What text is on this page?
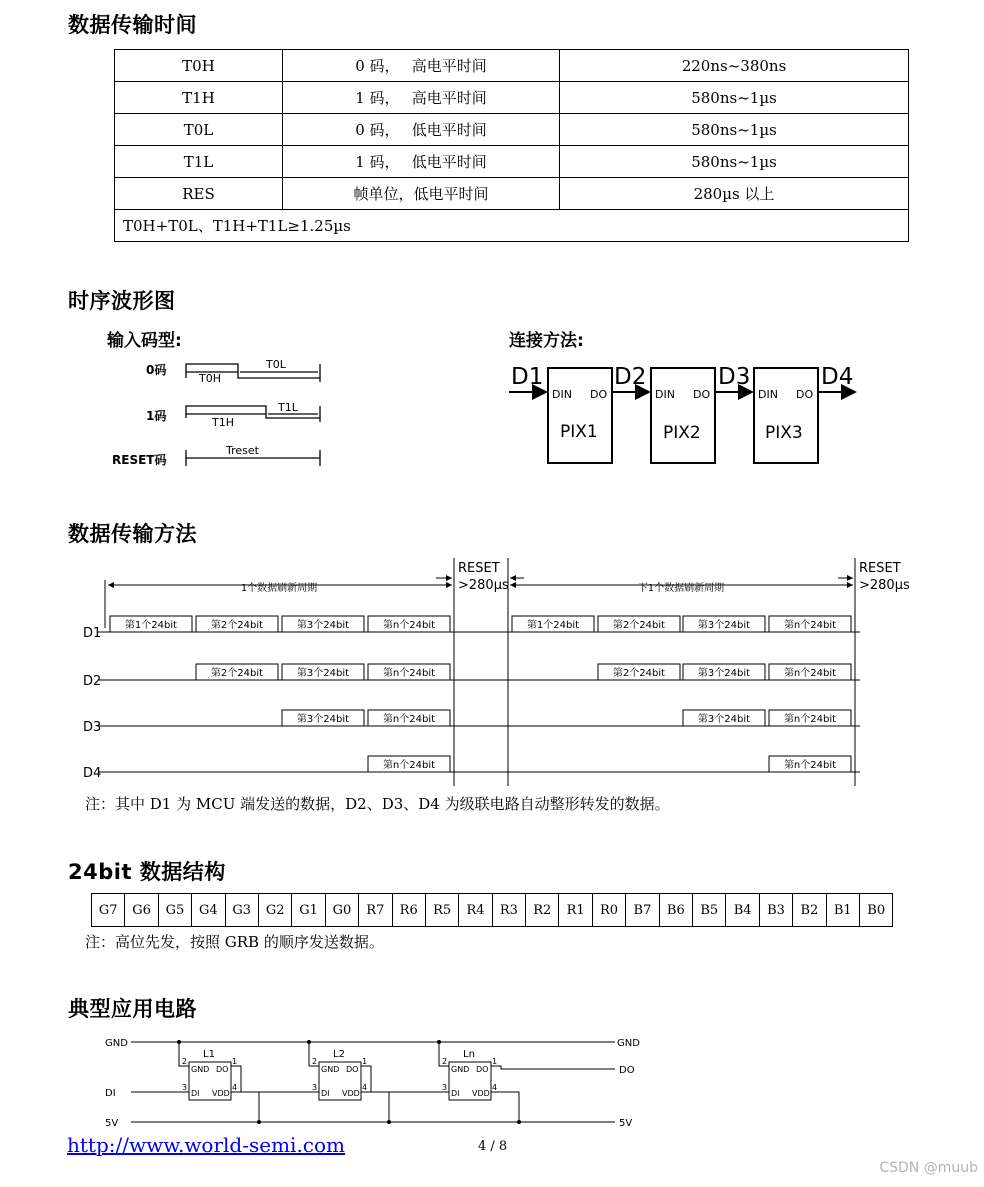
数据传输时间
T0H	0 码，　 高电平时间	220ns~380ns
T1H	1 码，　 高电平时间	580ns~1µs
T0L	0 码，　 低电平时间	580ns~1µs
T1L	1 码，　 低电平时间	580ns~1µs
RES	帧单位，低电平时间	280µs 以上
T0H+T0L、T1H+T1L≥1.25µs		
时序波形图
输入码型:	连接方法:
0码
1码
RESET码
T0H
T0L
T1H
T1L
Treset
D1	D2	D3	D4
DIN DO	DIN DO	DIN DO
PIX1	PIX2	PIX3
数据传输方法
第1个24bit	第2个24bit	第3个24bit	第n个24bit
第2个24bit	第3个24bit	第n个24bit
第3个24bit	第n个24bit
第n个24bit
第1个24bit	第2个24bit	第3个24bit	第n个24bit
第2个24bit	第3个24bit	第n个24bit
第3个24bit	第n个24bit
第n个24bit
1个数据刷新周期	下1个数据刷新周期
RESET
>280µs
RESET
>280µs
D1
D2
D3
D4
注：其中 D1 为 MCU 端发送的数据，D2、D3、D4 为级联电路自动整形转发的数据。
24bit 数据结构
G7	G6	G5	G4	G3	G2	G1	G0	R7	R6	R5	R4	R3	R2	R1	R0	B7	B6	B5	B4	B3	B2	B1	B0
注：高位先发，按照 GRB 的顺序发送数据。
典型应用电路
GND
DI
5V
GND
DO
5V
L1	L2	Ln
GND DO
DI VDD
GND DO
DI VDD
GND DO
DI VDD
2	1
3	4
2	1
3	4
2	1
3	4
http://www.world-semi.com	4 / 8
CSDN @muub
